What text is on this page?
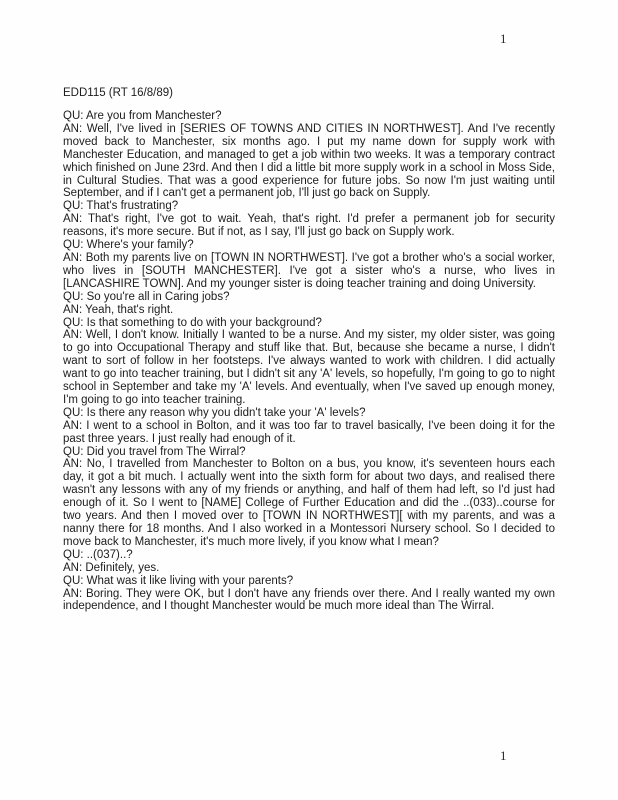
1
EDD115 (RT 16/8/89)

QU: Are you from Manchester?

AN: Well, I've lived in [SERIES OF TOWNS AND CITIES IN NORTHWEST]. And I've recently moved back to Manchester, six months ago. I put my name down for supply work with Manchester Education, and managed to get a job within two weeks. It was a temporary contract which finished on June 23rd. And then I did a little bit more supply work in a school in Moss Side, in Cultural Studies. That was a good experience for future jobs. So now I'm just waiting until September, and if I can't get a permanent job, I'll just go back on Supply.

QU: That's frustrating?

AN: That's right, I've got to wait. Yeah, that's right. I'd prefer a permanent job for security reasons, it's more secure. But if not, as I say, I'll just go back on Supply work.

QU: Where's your family?

AN: Both my parents live on [TOWN IN NORTHWEST]. I've got a brother who's a social worker, who lives in [SOUTH MANCHESTER]. I've got a sister who's a nurse, who lives in [LANCASHIRE TOWN]. And my younger sister is doing teacher training and doing University.

QU: So you're all in Caring jobs?

AN: Yeah, that's right.

QU: Is that something to do with your background?

AN: Well, I don't know. Initially I wanted to be a nurse. And my sister, my older sister, was going to go into Occupational Therapy and stuff like that. But, because she became a nurse, I didn't want to sort of follow in her footsteps. I've always wanted to work with children. I did actually want to go into teacher training, but I didn't sit any 'A' levels, so hopefully, I'm going to go to night school in September and take my 'A' levels. And eventually, when I've saved up enough money, I'm going to go into teacher training.

QU: Is there any reason why you didn't take your 'A' levels?

AN: I went to a school in Bolton, and it was too far to travel basically, I've been doing it for the past three years. I just really had enough of it.

QU: Did you travel from The Wirral?

AN: No, I travelled from Manchester to Bolton on a bus, you know, it's seventeen hours each day, it got a bit much. I actually went into the sixth form for about two days, and realised there wasn't any lessons with any of my friends or anything, and half of them had left, so I'd just had enough of it. So I went to [NAME] College of Further Education and did the ..(033)..course for two years. And then I moved over to [TOWN IN NORTHWEST][ with my parents, and was a nanny there for 18 months. And I also worked in a Montessori Nursery school. So I decided to move back to Manchester, it's much more lively, if you know what I mean?

QU: ..(037)..?

AN: Definitely, yes.

QU: What was it like living with your parents?

AN: Boring. They were OK, but I don't have any friends over there. And I really wanted my own independence, and I thought Manchester would be much more ideal than The Wirral.

1
